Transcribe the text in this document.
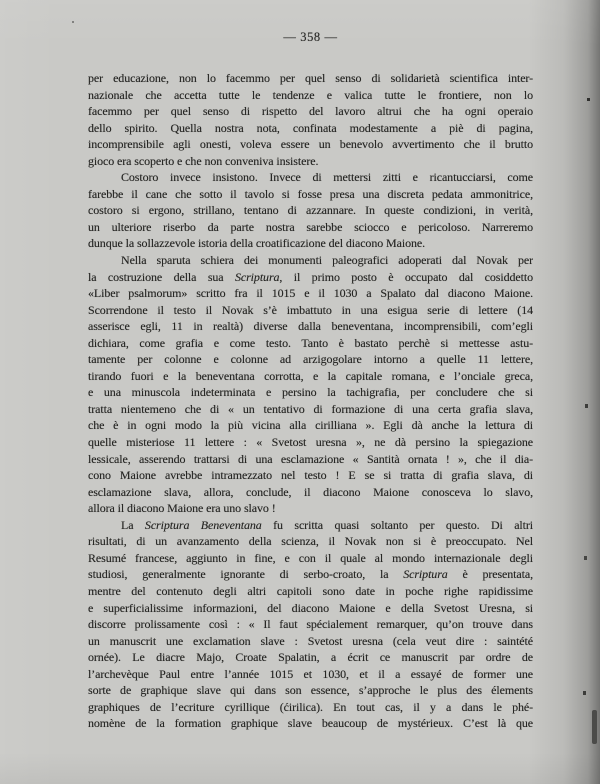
— 358 —
per educazione, non lo facemmo per quel senso di solidarietà scientifica inter-
nazionale che accetta tutte le tendenze e valica tutte le frontiere, non lo
facemmo per quel senso di rispetto del lavoro altrui che ha ogni operaio
dello spirito. Quella nostra nota, confinata modestamente a piè di pagina,
incomprensibile agli onesti, voleva essere un benevolo avvertimento che il brutto
gioco era scoperto e che non conveniva insistere.
Costoro invece insistono. Invece di mettersi zitti e ricantucciarsi, come
farebbe il cane che sotto il tavolo si fosse presa una discreta pedata ammonitrice,
costoro si ergono, strillano, tentano di azzannare. In queste condizioni, in verità,
un ulteriore riserbo da parte nostra sarebbe sciocco e pericoloso. Narreremo
dunque la sollazzevole istoria della croatificazione del diacono Maione.
Nella sparuta schiera dei monumenti paleografici adoperati dal Novak per
la costruzione della sua Scriptura, il primo posto è occupato dal cosiddetto
«Liber psalmorum» scritto fra il 1015 e il 1030 a Spalato dal diacono Maione.
Scorrendone il testo il Novak s’è imbattuto in una esigua serie di lettere (14
asserisce egli, 11 in realtà) diverse dalla beneventana, incomprensibili, com’egli
dichiara, come grafia e come testo. Tanto è bastato perchè si mettesse astu-
tamente per colonne e colonne ad arzigogolare intorno a quelle 11 lettere,
tirando fuori e la beneventana corrotta, e la capitale romana, e l’onciale greca,
e una minuscola indeterminata e persino la tachigrafia, per concludere che si
tratta nientemeno che di « un tentativo di formazione di una certa grafia slava,
che è in ogni modo la più vicina alla cirilliana ». Egli dà anche la lettura di
quelle misteriose 11 lettere : « Svetost uresna », ne dà persino la spiegazione
lessicale, asserendo trattarsi di una esclamazione « Santità ornata ! », che il dia-
cono Maione avrebbe intramezzato nel testo ! E se si tratta di grafia slava, di
esclamazione slava, allora, conclude, il diacono Maione conosceva lo slavo,
allora il diacono Maione era uno slavo !
La Scriptura Beneventana fu scritta quasi soltanto per questo. Di altri
risultati, di un avanzamento della scienza, il Novak non si è preoccupato. Nel
Resumé francese, aggiunto in fine, e con il quale al mondo internazionale degli
studiosi, generalmente ignorante di serbo-croato, la Scriptura è presentata,
mentre del contenuto degli altri capitoli sono date in poche righe rapidissime
e superficialissime informazioni, del diacono Maione e della Svetost Uresna, si
discorre prolissamente così : « Il faut spécialement remarquer, qu’on trouve dans
un manuscrit une exclamation slave : Svetost uresna (cela veut dire : saintété
ornée). Le diacre Majo, Croate Spalatin, a écrit ce manuscrit par ordre de
l’archevèque Paul entre l’année 1015 et 1030, et il a essayé de former une
sorte de graphique slave qui dans son essence, s’approche le plus des élements
graphiques de l’ecriture cyrillique (ćirilica). En tout cas, il y a dans le phé-
nomène de la formation graphique slave beaucoup de mystérieux. C’est là que
